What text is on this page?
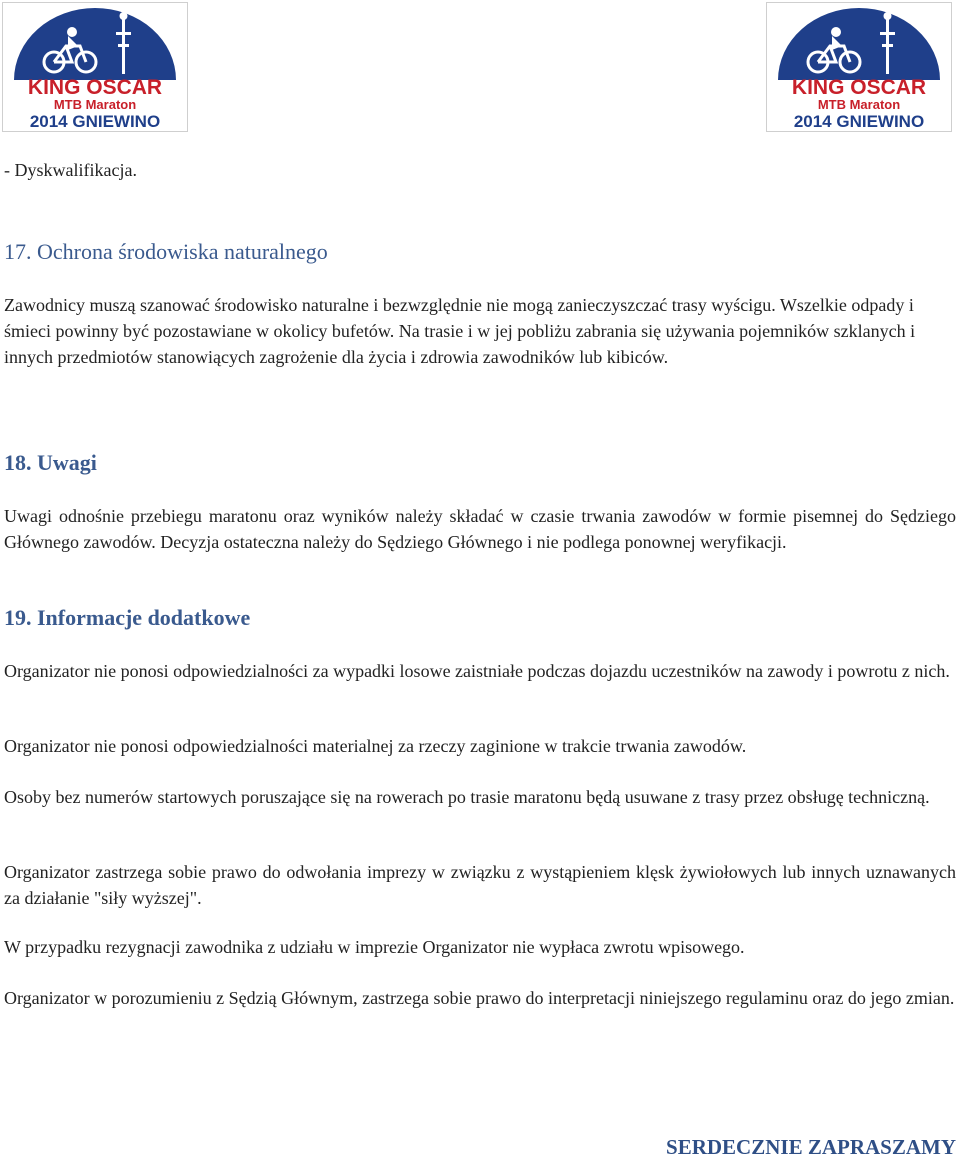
KING OSCAR
MTB Maraton
2014 GNIEWINO
KING OSCAR
MTB Maraton
2014 GNIEWINO

- Dyskwalifikacja.

17. Ochrona środowiska naturalnego

Zawodnicy muszą szanować środowisko naturalne i bezwzględnie nie mogą zanieczyszczać trasy wyścigu. Wszelkie odpady i śmieci powinny być pozostawiane w okolicy bufetów. Na trasie i w jej pobliżu zabrania się używania pojemników szklanych i innych przedmiotów stanowiących zagrożenie dla życia i zdrowia zawodników lub kibiców.

18. Uwagi

Uwagi odnośnie przebiegu maratonu oraz wyników należy składać w czasie trwania zawodów w formie pisemnej do Sędziego Głównego zawodów. Decyzja ostateczna należy do Sędziego Głównego i nie podlega ponownej weryfikacji.

19. Informacje dodatkowe

Organizator nie ponosi odpowiedzialności za wypadki losowe zaistniałe podczas dojazdu uczestników na zawody i powrotu z nich.

Organizator nie ponosi odpowiedzialności materialnej za rzeczy zaginione w trakcie trwania zawodów.

Osoby bez numerów startowych poruszające się na rowerach po trasie maratonu będą usuwane z trasy przez obsługę techniczną.

Organizator zastrzega sobie prawo do odwołania imprezy w związku z wystąpieniem klęsk żywiołowych lub innych uznawanych za działanie "siły wyższej".

W przypadku rezygnacji zawodnika z udziału w imprezie Organizator nie wypłaca zwrotu wpisowego.

Organizator w porozumieniu z Sędzią Głównym, zastrzega sobie prawo do interpretacji niniejszego regulaminu oraz do jego zmian.

SERDECZNIE ZAPRASZAMY
